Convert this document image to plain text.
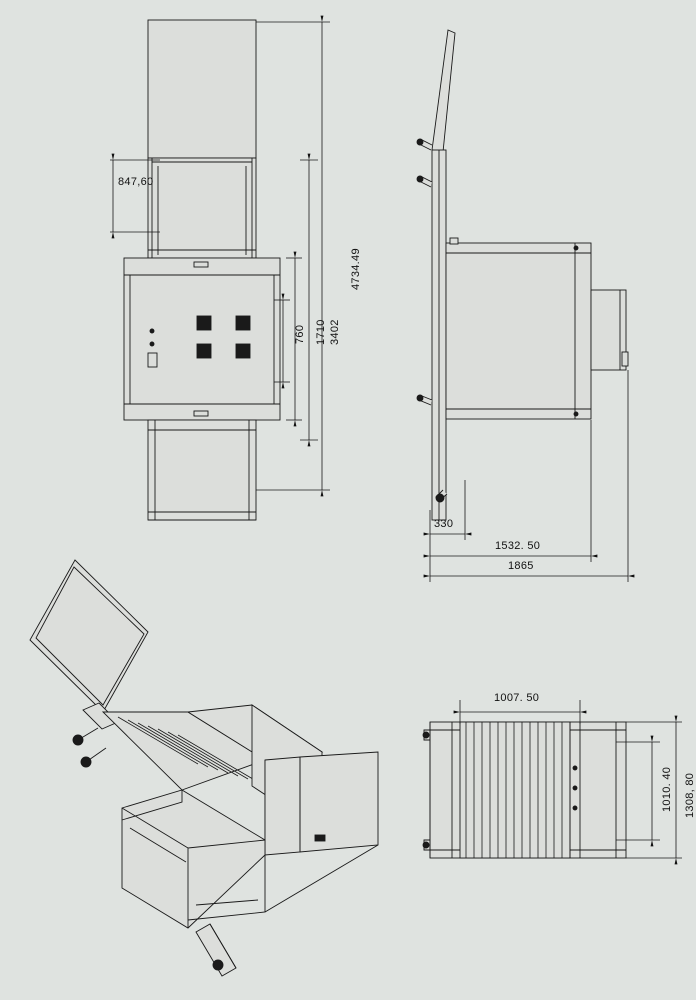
847,60
4734.49
3402
1710
760
330
1532. 50
1865
1007. 50
1308, 80
1010. 40
